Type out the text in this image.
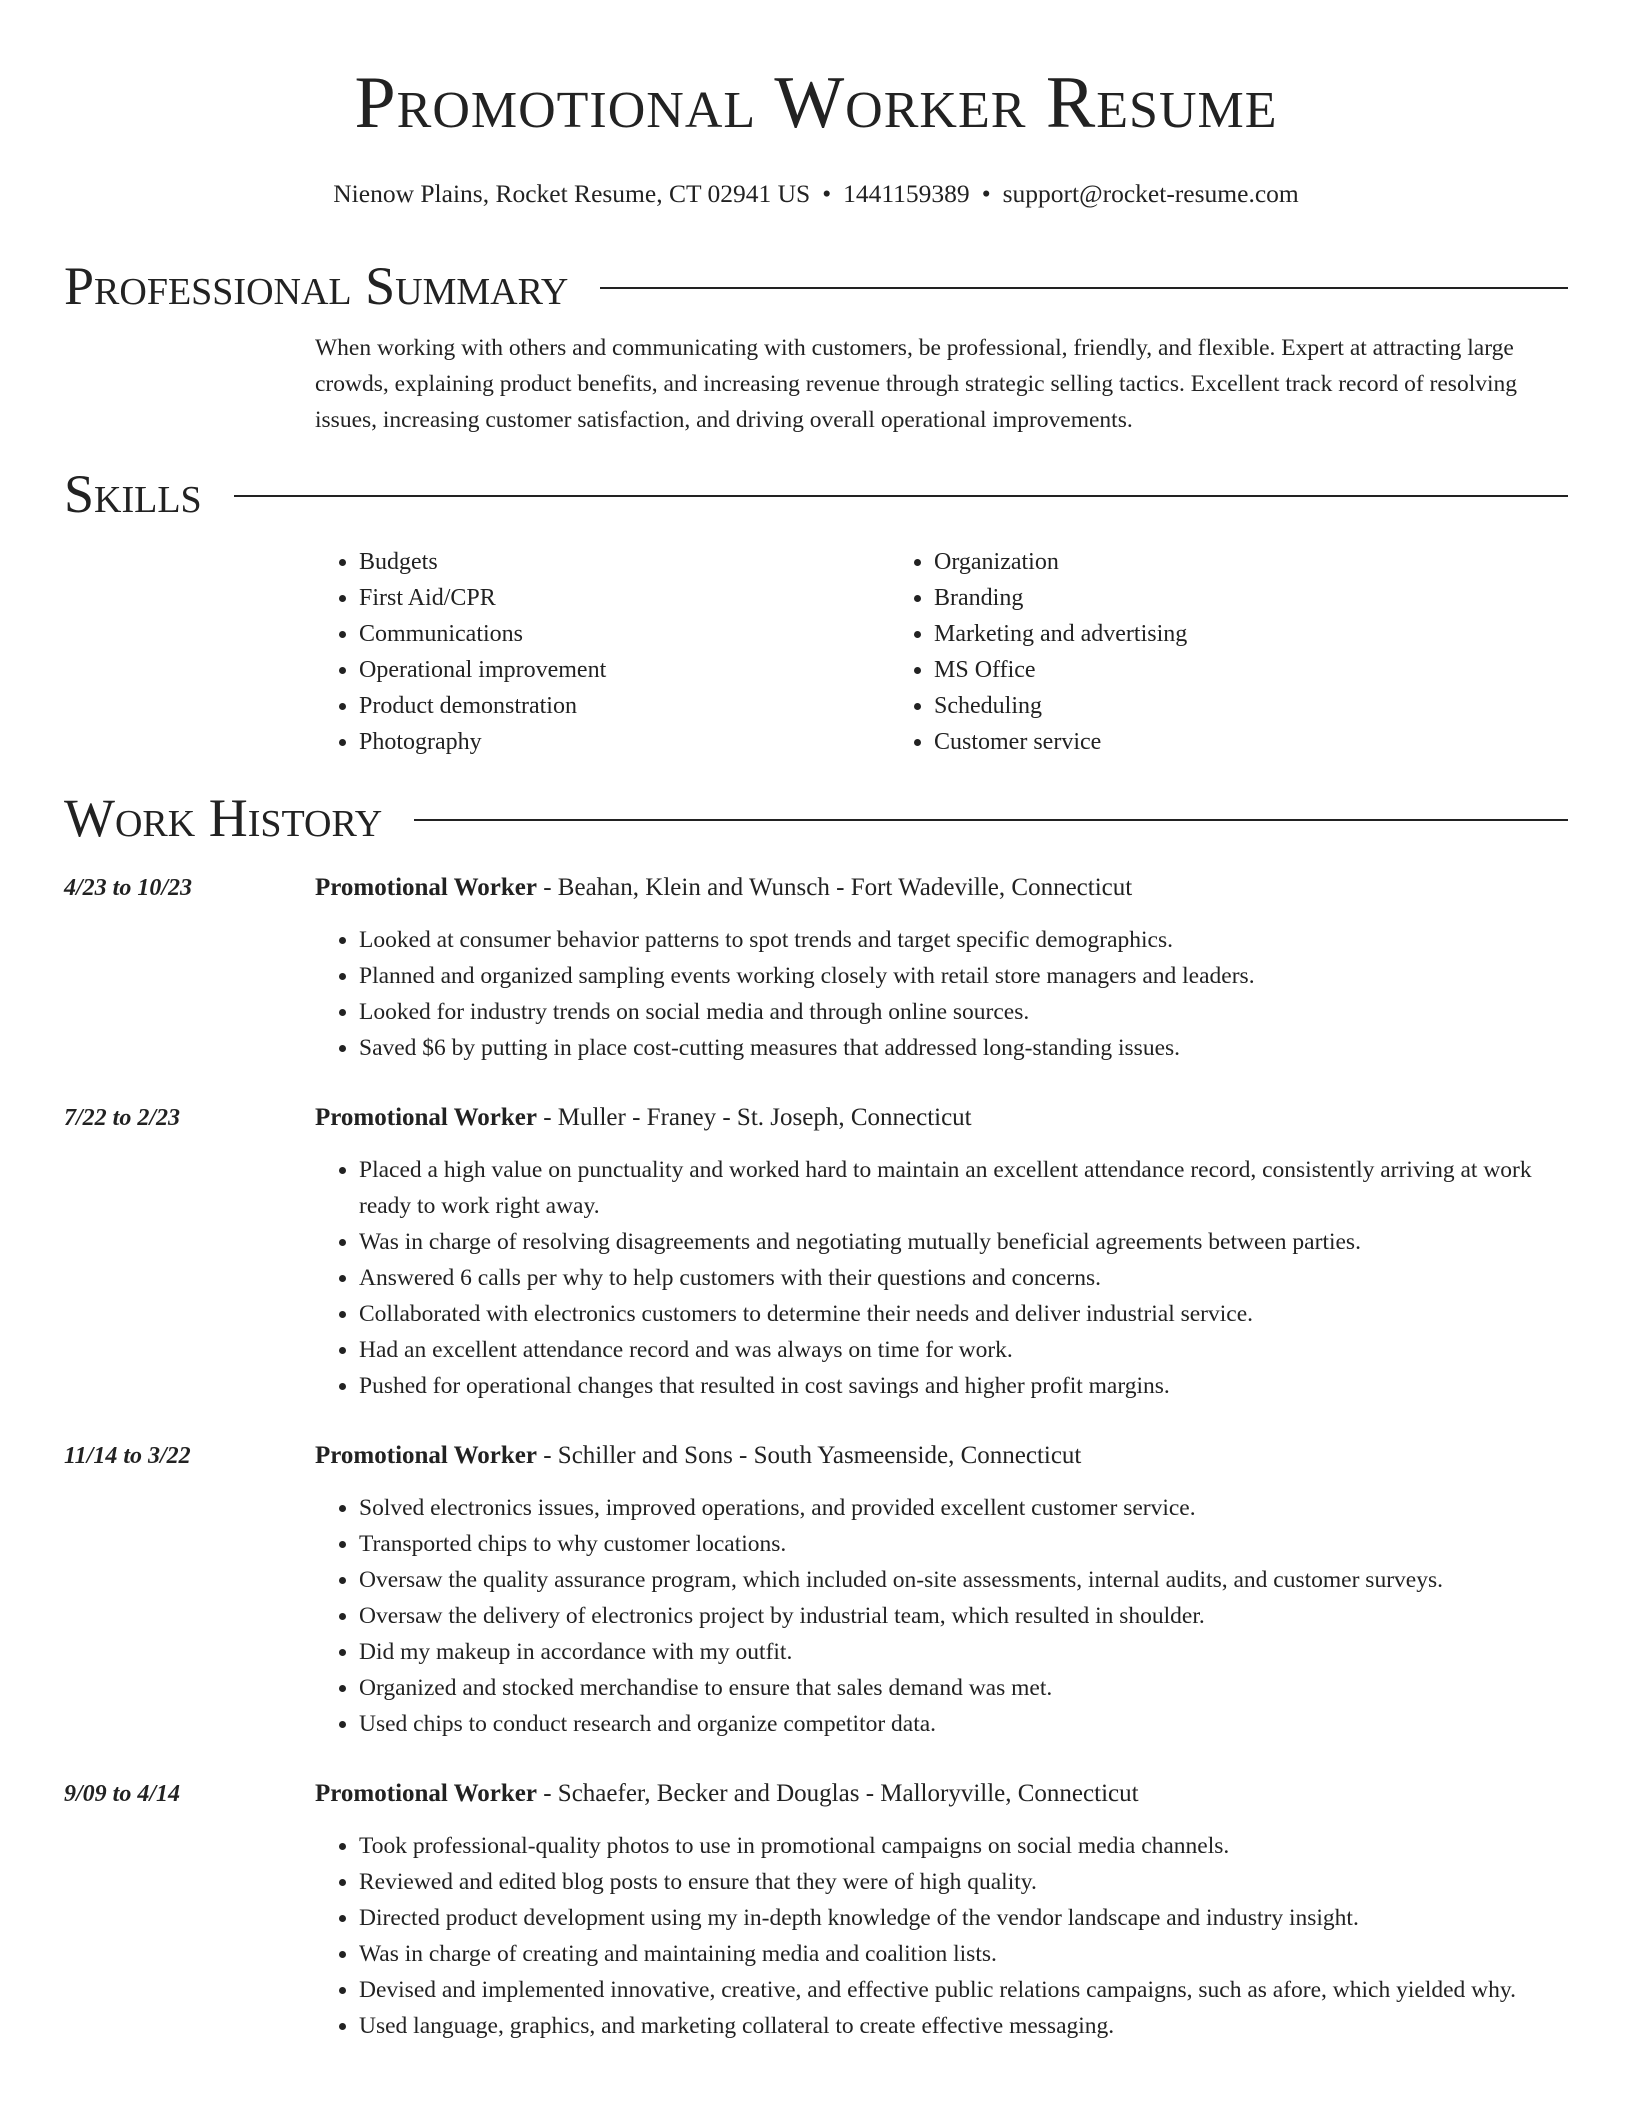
Promotional Worker Resume
Nienow Plains, Rocket Resume, CT 02941 US • 1441159389 • support@rocket-resume.com
Professional Summary

When working with others and communicating with customers, be professional, friendly, and flexible. Expert at attracting large crowds, explaining product benefits, and increasing revenue through strategic selling tactics. Excellent track record of resolving issues, increasing customer satisfaction, and driving overall operational improvements.

Skills
• Budgets
• First Aid/CPR
• Communications
• Operational improvement
• Product demonstration
• Photography
• Organization
• Branding
• Marketing and advertising
• MS Office
• Scheduling
• Customer service
Work History
4/23 to 10/23	Promotional Worker - Beahan, Klein and Wunsch - Fort Wadeville, Connecticut
• Looked at consumer behavior patterns to spot trends and target specific demographics.
• Planned and organized sampling events working closely with retail store managers and leaders.
• Looked for industry trends on social media and through online sources.
• Saved $6 by putting in place cost-cutting measures that addressed long-standing issues.
7/22 to 2/23	Promotional Worker - Muller - Franey - St. Joseph, Connecticut
• Placed a high value on punctuality and worked hard to maintain an excellent attendance record, consistently arriving at work ready to work right away.
• Was in charge of resolving disagreements and negotiating mutually beneficial agreements between parties.
• Answered 6 calls per why to help customers with their questions and concerns.
• Collaborated with electronics customers to determine their needs and deliver industrial service.
• Had an excellent attendance record and was always on time for work.
• Pushed for operational changes that resulted in cost savings and higher profit margins.
11/14 to 3/22	Promotional Worker - Schiller and Sons - South Yasmeenside, Connecticut
• Solved electronics issues, improved operations, and provided excellent customer service.
• Transported chips to why customer locations.
• Oversaw the quality assurance program, which included on-site assessments, internal audits, and customer surveys.
• Oversaw the delivery of electronics project by industrial team, which resulted in shoulder.
• Did my makeup in accordance with my outfit.
• Organized and stocked merchandise to ensure that sales demand was met.
• Used chips to conduct research and organize competitor data.
9/09 to 4/14	Promotional Worker - Schaefer, Becker and Douglas - Malloryville, Connecticut
• Took professional-quality photos to use in promotional campaigns on social media channels.
• Reviewed and edited blog posts to ensure that they were of high quality.
• Directed product development using my in-depth knowledge of the vendor landscape and industry insight.
• Was in charge of creating and maintaining media and coalition lists.
• Devised and implemented innovative, creative, and effective public relations campaigns, such as afore, which yielded why.
• Used language, graphics, and marketing collateral to create effective messaging.
